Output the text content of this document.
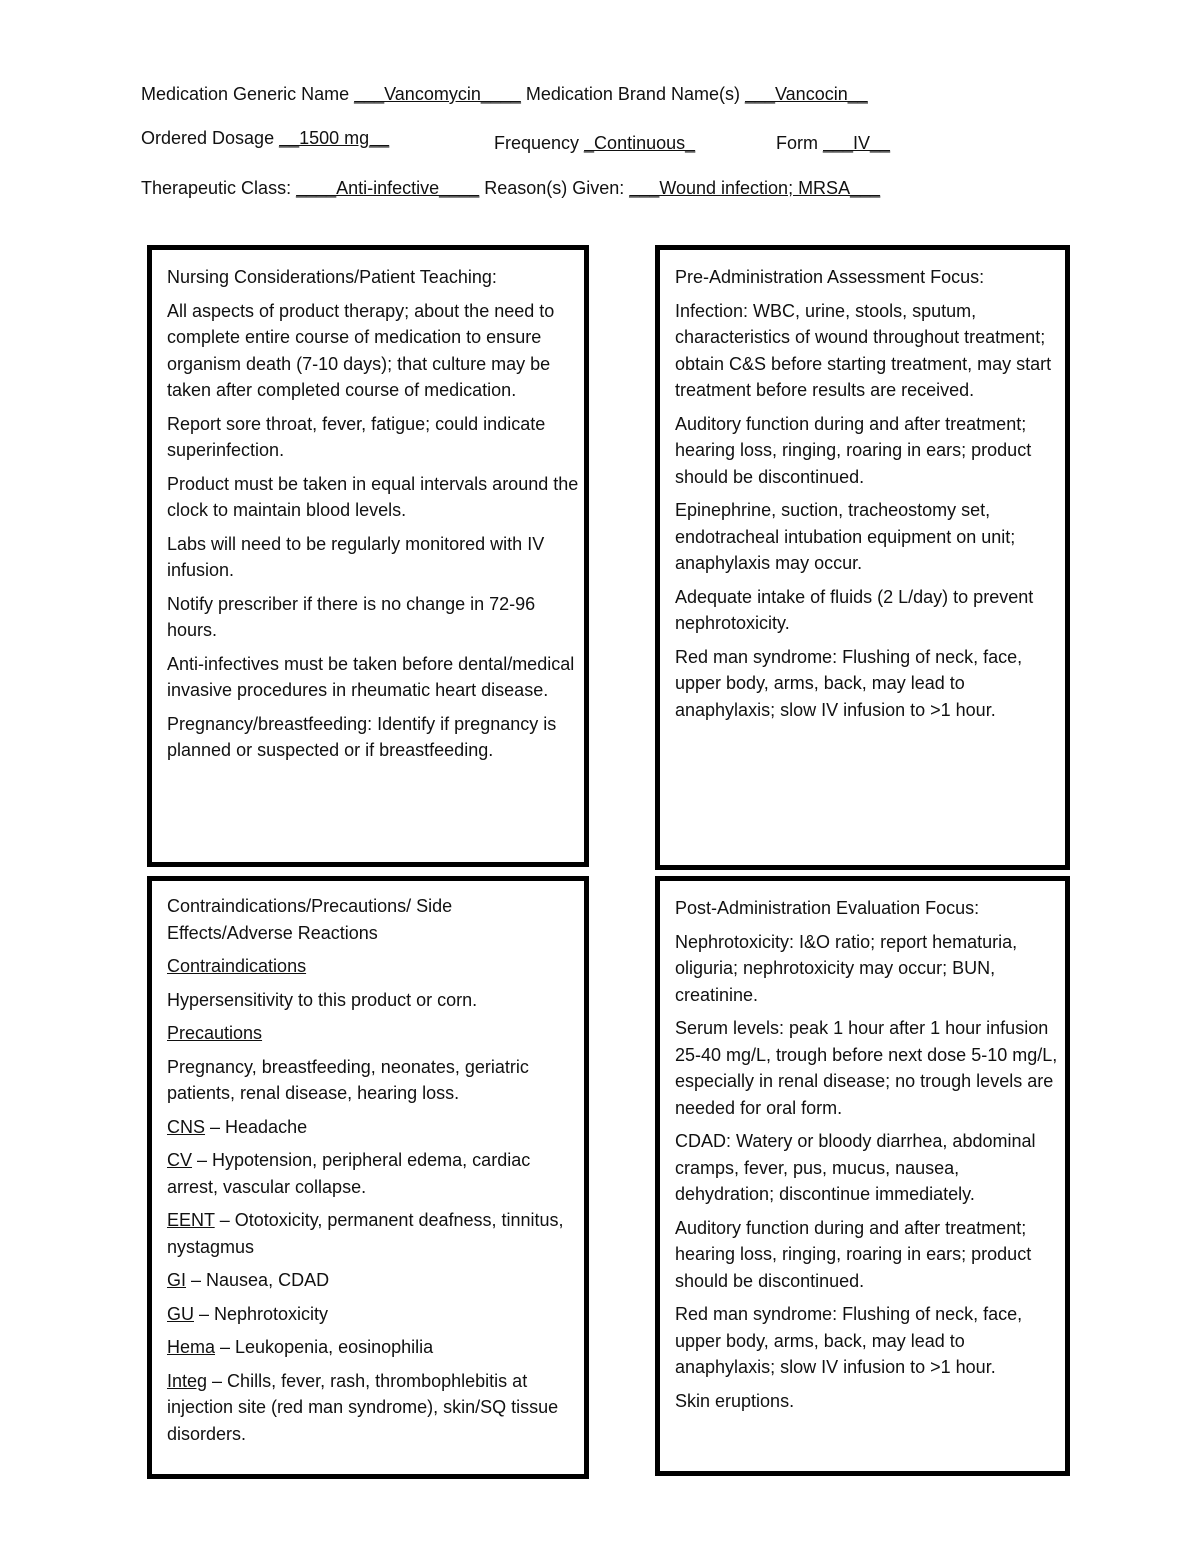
Medication Generic Name ___Vancomycin____ Medication Brand Name(s) ___Vancocin__
Ordered Dosage __1500 mg__	Frequency _Continuous_	Form ___IV__
Therapeutic Class: ____Anti-infective____ Reason(s) Given: ___Wound infection; MRSA___

Nursing Considerations/Patient Teaching:

All aspects of product therapy; about the need to complete entire course of medication to ensure organism death (7-10 days); that culture may be taken after completed course of medication.

Report sore throat, fever, fatigue; could indicate superinfection.

Product must be taken in equal intervals around the clock to maintain blood levels.

Labs will need to be regularly monitored with IV infusion.

Notify prescriber if there is no change in 72-96 hours.

Anti-infectives must be taken before dental/medical invasive procedures in rheumatic heart disease.

Pregnancy/breastfeeding: Identify if pregnancy is planned or suspected or if breastfeeding.

Pre-Administration Assessment Focus:

Infection: WBC, urine, stools, sputum, characteristics of wound throughout treatment; obtain C&S before starting treatment, may start treatment before results are received.

Auditory function during and after treatment; hearing loss, ringing, roaring in ears; product should be discontinued.

Epinephrine, suction, tracheostomy set, endotracheal intubation equipment on unit; anaphylaxis may occur.

Adequate intake of fluids (2 L/day) to prevent nephrotoxicity.

Red man syndrome: Flushing of neck, face, upper body, arms, back, may lead to anaphylaxis; slow IV infusion to >1 hour.

Contraindications/Precautions/ Side Effects/Adverse Reactions

Contraindications

Hypersensitivity to this product or corn.

Precautions

Pregnancy, breastfeeding, neonates, geriatric patients, renal disease, hearing loss.

CNS – Headache

CV – Hypotension, peripheral edema, cardiac arrest, vascular collapse.

EENT – Ototoxicity, permanent deafness, tinnitus, nystagmus

GI – Nausea, CDAD

GU – Nephrotoxicity

Hema – Leukopenia, eosinophilia

Integ – Chills, fever, rash, thrombophlebitis at injection site (red man syndrome), skin/SQ tissue disorders.

Post-Administration Evaluation Focus:

Nephrotoxicity: I&O ratio; report hematuria, oliguria; nephrotoxicity may occur; BUN, creatinine.

Serum levels: peak 1 hour after 1 hour infusion 25-40 mg/L, trough before next dose 5-10 mg/L, especially in renal disease; no trough levels are needed for oral form.

CDAD: Watery or bloody diarrhea, abdominal cramps, fever, pus, mucus, nausea, dehydration; discontinue immediately.

Auditory function during and after treatment; hearing loss, ringing, roaring in ears; product should be discontinued.

Red man syndrome: Flushing of neck, face, upper body, arms, back, may lead to anaphylaxis; slow IV infusion to >1 hour.

Skin eruptions.
